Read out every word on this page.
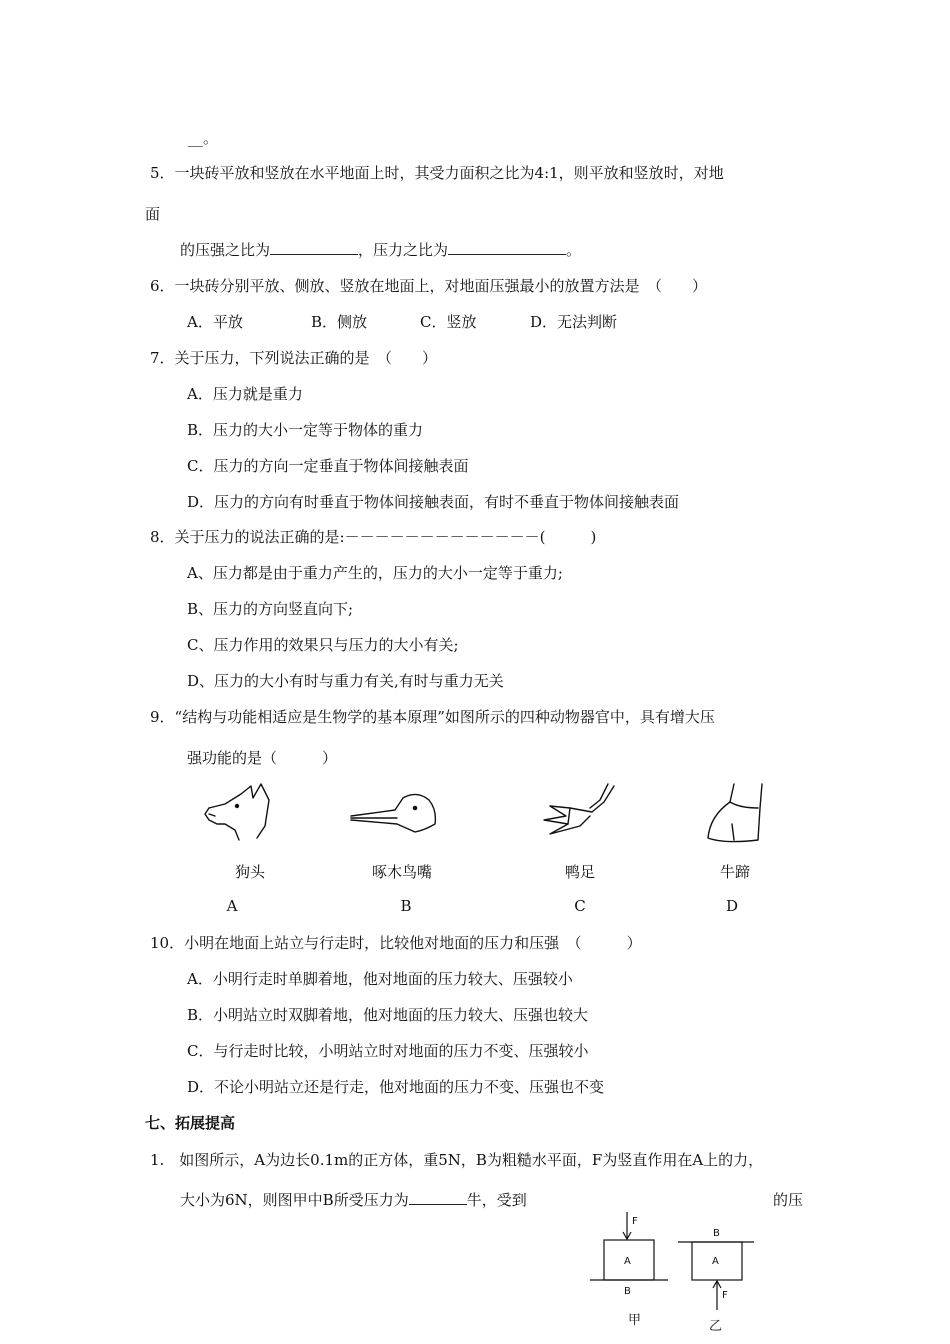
__。
5．一块砖平放和竖放在水平地面上时，其受力面积之比为4:1，则平放和竖放时，对地
面
的压强之比为	，压力之比为	。
6．一块砖分别平放、侧放、竖放在地面上，对地面压强最小的放置方法是　（　　）
A．平放	B．侧放	C．竖放	D．无法判断
7．关于压力，下列说法正确的是　（　　）
A．压力就是重力
B．压力的大小一定等于物体的重力
C．压力的方向一定垂直于物体间接触表面
D．压力的方向有时垂直于物体间接触表面，有时不垂直于物体间接触表面
8．关于压力的说法正确的是:－－－－－－－－－－－－－(　　　)
A、压力都是由于重力产生的，压力的大小一定等于重力;
B、压力的方向竖直向下;
C、压力作用的效果只与压力的大小有关;
D、压力的大小有时与重力有关,有时与重力无关
9．“结构与功能相适应是生物学的基本原理”如图所示的四种动物器官中，具有增大压
强功能的是（　　　）
狗头
A
啄木鸟嘴
B
鸭足
C
牛蹄
D
10．小明在地面上站立与行走时，比较他对地面的压力和压强　（　　　）
A．小明行走时单脚着地，他对地面的压力较大、压强较小
B．小明站立时双脚着地，他对地面的压力较大、压强也较大
C．与行走时比较，小明站立时对地面的压力不变、压强较小
D．不论小明站立还是行走，他对地面的压力不变、压强也不变
七、拓展提高
1.　如图所示，A为边长0.1m的正方体，重5N，B为粗糙水平面，F为竖直作用在A上的力，
大小为6N，则图甲中B所受压力为	牛，受到	的压
F
A
B
甲
B
A
F
乙
